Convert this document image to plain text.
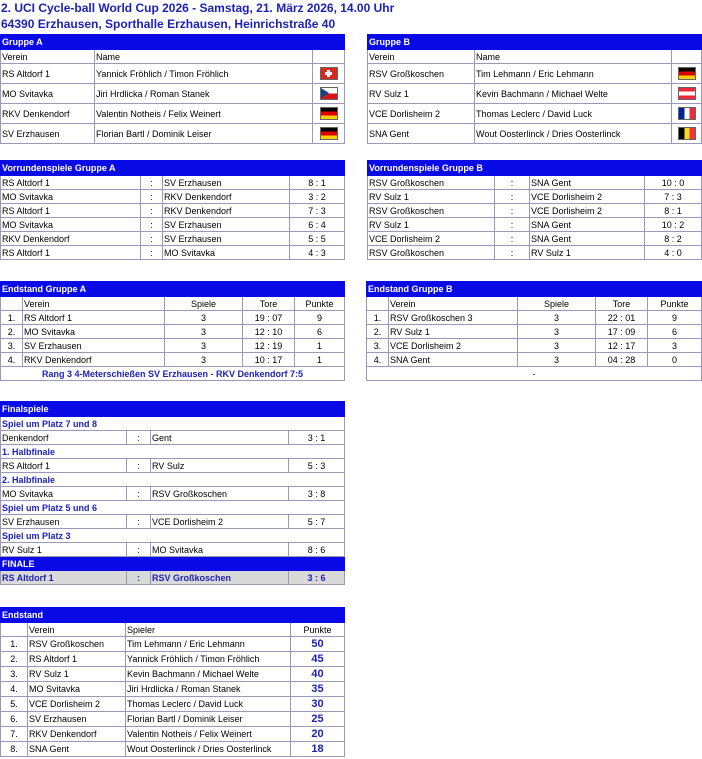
2. UCI Cycle-ball World Cup 2026 - Samstag, 21. März 2026, 14.00 Uhr
64390 Erzhausen, Sporthalle Erzhausen, Heinrichstraße 40
Gruppe A		
Verein	Name	
RS Altdorf 1	Yannick Fröhlich / Timon Fröhlich	
MO Svitavka	Jiri Hrdlicka / Roman Stanek	
RKV Denkendorf	Valentin Notheis / Felix Weinert	
SV Erzhausen	Florian Bartl / Dominik Leiser	
Gruppe B		
Verein	Name	
RSV Großkoschen	Tim Lehmann / Eric Lehmann	
RV Sulz 1	Kevin Bachmann / Michael Welte	
VCE Dorlisheim 2	Thomas Leclerc / David Luck	
SNA Gent	Wout Oosterlinck / Dries Oosterlinck	
Vorrundenspiele Gruppe A			
RS Altdorf 1	:	SV Erzhausen	8 : 1
MO Svitavka	:	RKV Denkendorf	3 : 2
RS Altdorf 1	:	RKV Denkendorf	7 : 3
MO Svitavka	:	SV Erzhausen	6 : 4
RKV Denkendorf	:	SV Erzhausen	5 : 5
RS Altdorf 1	:	MO Svitavka	4 : 3
Vorrundenspiele Gruppe B			
RSV Großkoschen	:	SNA Gent	10 : 0
RV Sulz 1	:	VCE Dorlisheim 2	7 : 3
RSV Großkoschen	:	VCE Dorlisheim 2	8 : 1
RV Sulz 1	:	SNA Gent	10 : 2
VCE Dorlisheim 2	:	SNA Gent	8 : 2
RSV Großkoschen	:	RV Sulz 1	4 : 0
Endstand Gruppe A				
	Verein	Spiele	Tore	Punkte
1.	RS Altdorf 1	3	19 : 07	9
2.	MO Svitavka	3	12 : 10	6
3.	SV Erzhausen	3	12 : 19	1
4.	RKV Denkendorf	3	10 : 17	1
Rang 3 4-Meterschießen SV Erzhausen - RKV Denkendorf 7:5				
Endstand Gruppe B				
	Verein	Spiele	Tore	Punkte
1.	RSV Großkoschen 3	3	22 : 01	9
2.	RV Sulz 1	3	17 : 09	6
3.	VCE Dorlisheim 2	3	12 : 17	3
4.	SNA Gent	3	04 : 28	0
-				
Finalspiele			
Spiel um Platz 7 und 8			
Denkendorf	:	Gent	3 : 1
1. Halbfinale			
RS Altdorf 1	:	RV Sulz	5 : 3
2. Halbfinale			
MO Svitavka	:	RSV Großkoschen	3 : 8
Spiel um Platz 5 und 6			
SV Erzhausen	:	VCE Dorlisheim 2	5 : 7
Spiel um Platz 3			
RV Sulz 1	:	MO Svitavka	8 : 6
FINALE			
RS Altdorf 1	:	RSV Großkoschen	3 : 6
Endstand			
	Verein	Spieler	Punkte
1.	RSV Großkoschen	Tim Lehmann / Eric Lehmann	50
2.	RS Altdorf 1	Yannick Fröhlich / Timon Fröhlich	45
3.	RV Sulz 1	Kevin Bachmann / Michael Welte	40
4.	MO Svitavka	Jiri Hrdlicka / Roman Stanek	35
5.	VCE Dorlisheim 2	Thomas Leclerc / David Luck	30
6.	SV Erzhausen	Florian Bartl / Dominik Leiser	25
7.	RKV Denkendorf	Valentin Notheis / Felix Weinert	20
8.	SNA Gent	Wout Oosterlinck / Dries Oosterlinck	18
